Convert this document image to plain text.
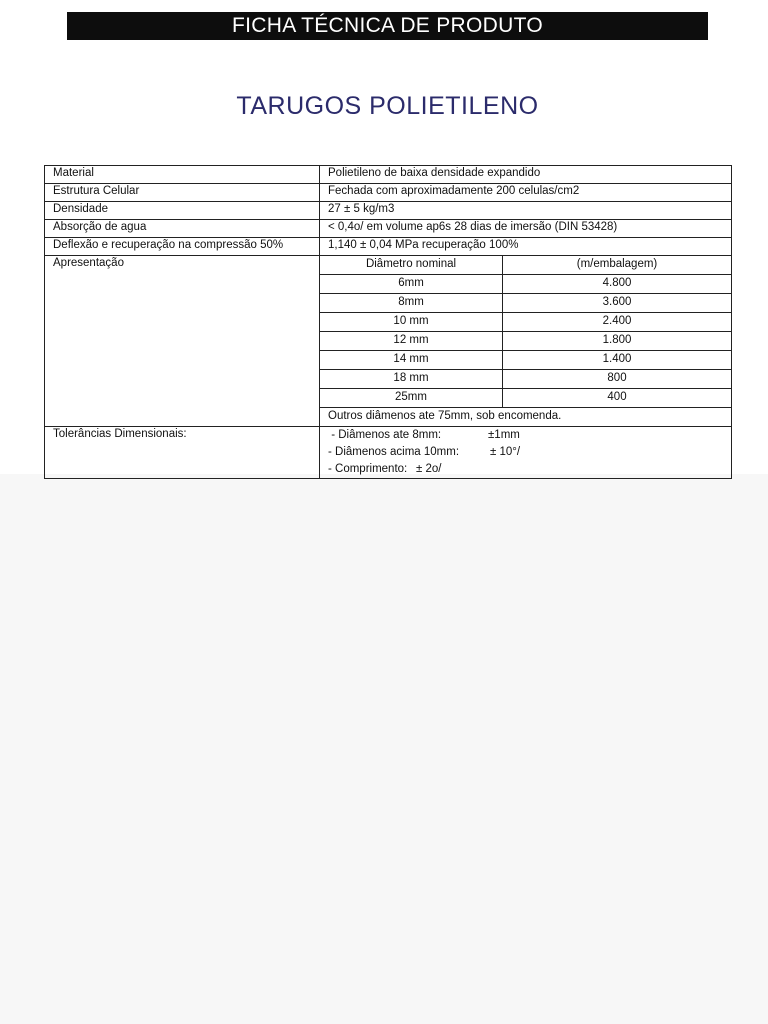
FICHA TÉCNICA DE PRODUTO
TARUGOS POLIETILENO
Material	Polietileno de baixa densidade expandido
Estrutura Celular	Fechada com aproximadamente 200 celulas/cm2
Densidade	27 ± 5 kg/m3
Absorção de agua	< 0,4o/ em volume ap6s 28 dias de imersão (DIN 53428)
Deflexão e recuperação na compressão 50%	1,140 ± 0,04 MPa recuperação 100%
Apresentação		Diâmetro nominal	(m/embalagem)
6mm	4.800
8mm	3.600
10 mm	2.400
12 mm	1.800
14 mm	1.400
18 mm	800
25mm	400
Outros diâmenos ate 75mm, sob encomenda.

Tolerâncias Dimensionais:	- Diâmenos ate 8mm:	±1mm
- Diâmenos acima 10mm:	± 10°/
- Comprimento: ± 2o/
